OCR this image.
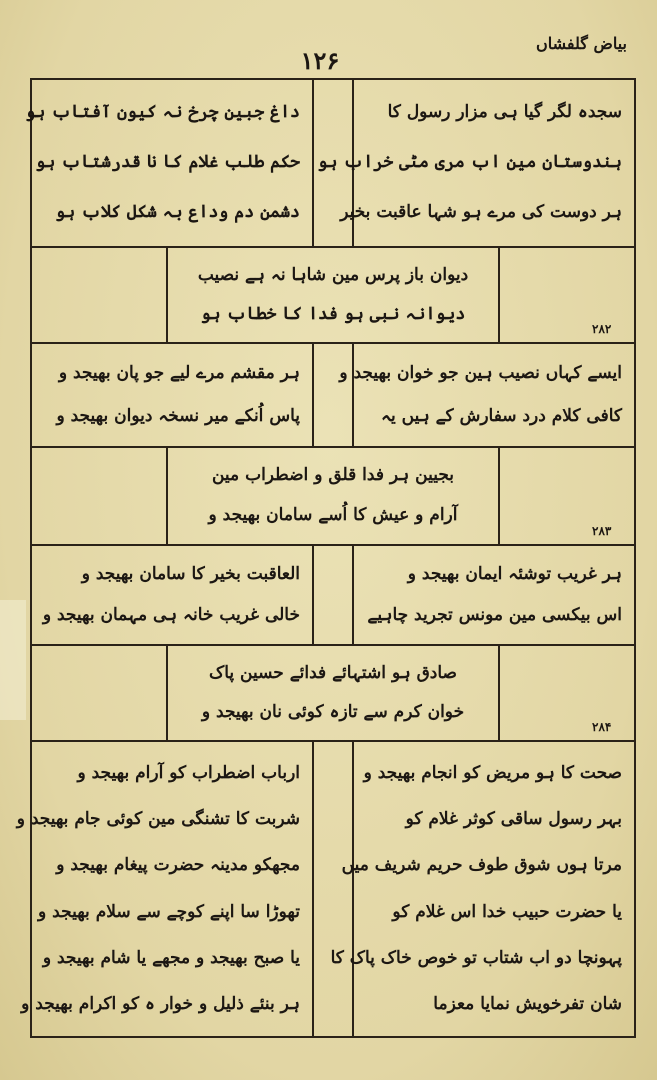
۱۲۶
بیاض گلفشاں
سجدہ لگر گیا ہی مزار رسول کا
ہندوستان مین اب مری مٹی خراب ہو
ہر دوست کی مرے ہو شہا عاقبت بخیر
داغ جبین چرخ نہ کیون آفتاب ہو
حکم طلب غلام کا نا قدرشتاب ہو
دشمن دم وداع بہ شکل کلاب ہو
دیوان باز پرس مین شاہا نہ ہے نصیب
دیوانہ نبی ہو فدا کا خطاب ہو
۲۸۲
ایسے کہاں نصیب ہین جو خوان بھیجد و
کافی کلام درد سفارش کے ہیں یہ
ہر مقشم مرے لیے جو پان بھیجد و
پاس اُنکے میر نسخہ دیوان بھیجد و
بجیین ہر فدا قلق و اضطراب مین
آرام و عیش کا اُسے سامان بھیجد و
۲۸۳
ہر غریب توشئہ ایمان بھیجد و
اس بیکسی مین مونس تجرید چاہیے
العاقبت بخیر کا سامان بھیجد و
خالی غریب خانہ ہی مہمان بھیجد و
صادق ہو اشتہائے فدائے حسین پاک
خوان کرم سے تازہ کوئی نان بھیجد و
۲۸۴
صحت کا ہو مریض کو انجام بھیجد و
بہر رسول ساقی کوثر غلام کو
مرتا ہوں شوق طوف حریم شریف میں
یا حضرت حبیب خدا اس غلام کو
پہونچا دو اب شتاب تو خوص خاک پاک کا
شان تفرخویش نمایا معزما
ارباب اضطراب کو آرام بھیجد و
شربت کا تشنگی مین کوئی جام بھیجد و
مجھکو مدینہ حضرت پیغام بھیجد و
تھوڑا سا اپنے کوچے سے سلام بھیجد و
یا صبح بھیجد و مجھے یا شام بھیجد و
ہر بنئے ذلیل و خوار ہ کو اکرام بھیجد و
